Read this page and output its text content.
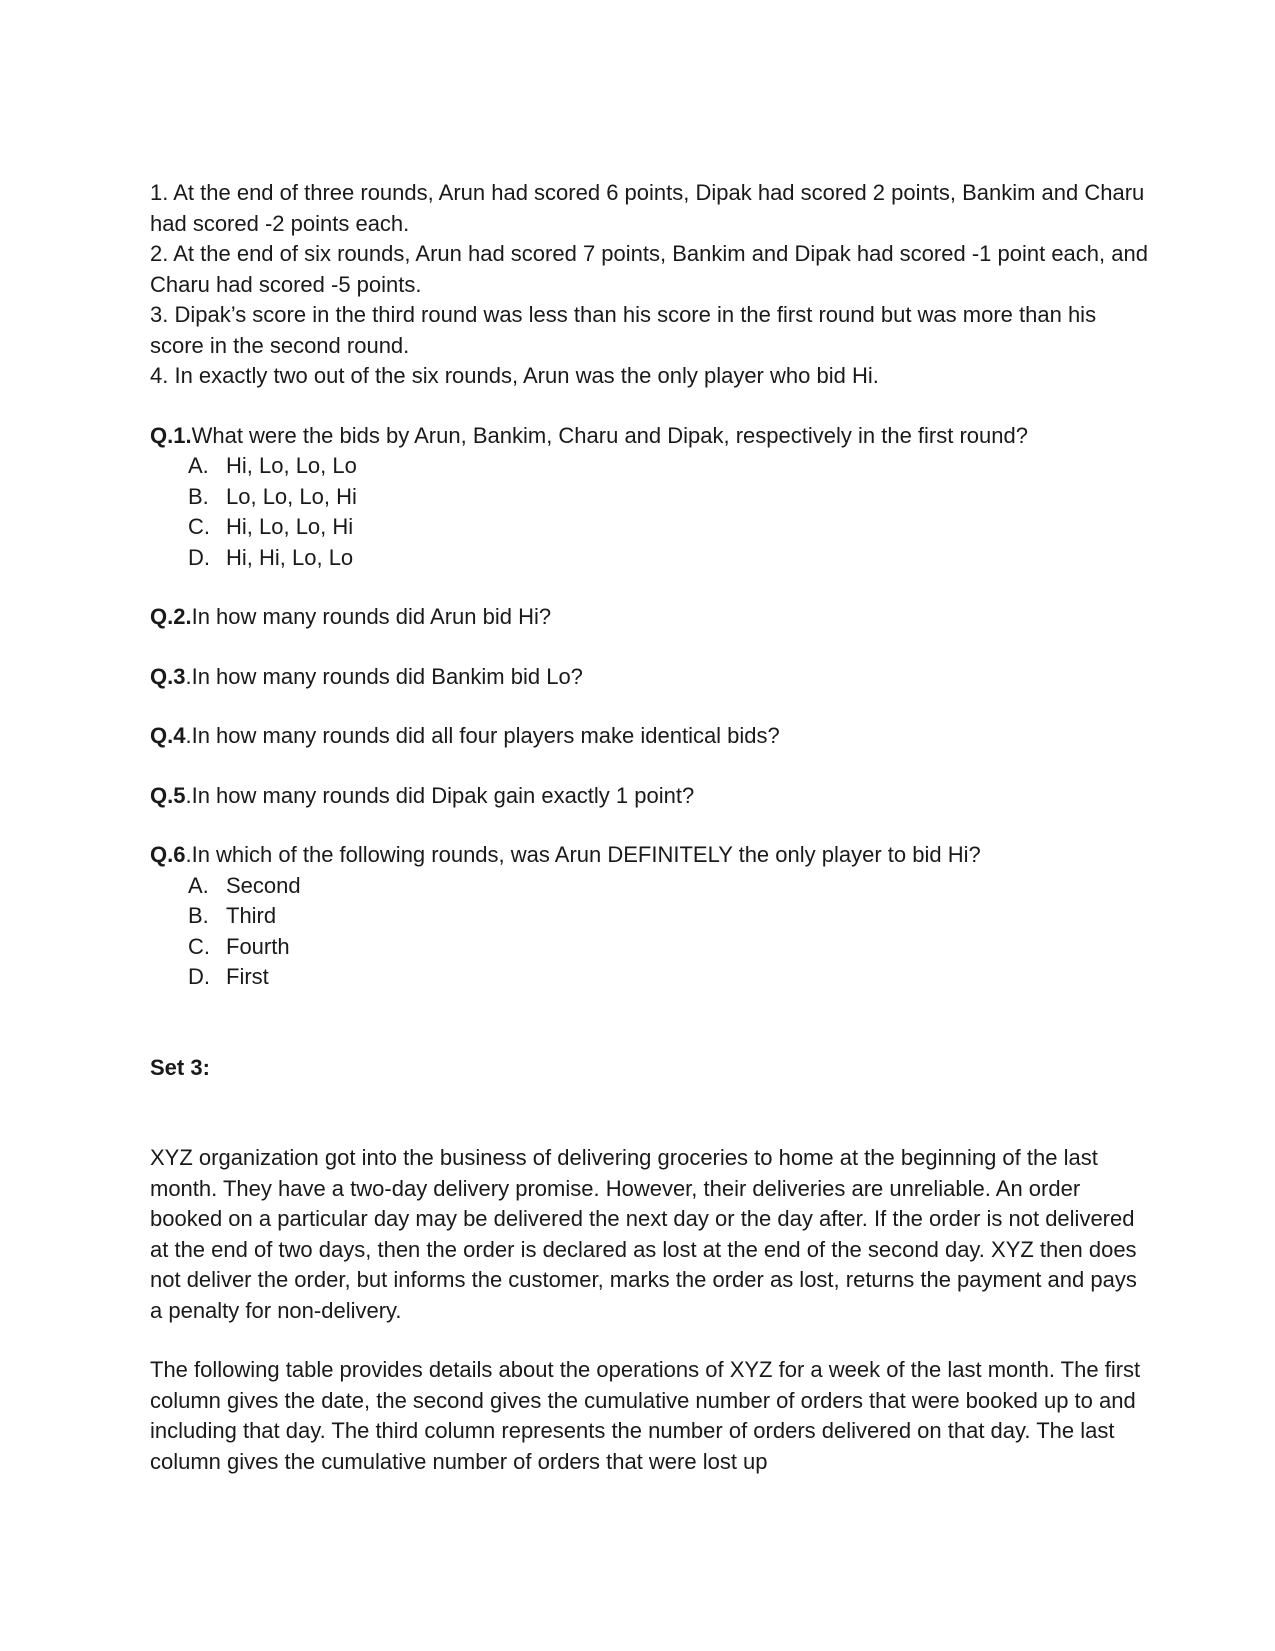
1. At the end of three rounds, Arun had scored 6 points, Dipak had scored 2 points, Bankim and Charu had scored -2 points each.

2. At the end of six rounds, Arun had scored 7 points, Bankim and Dipak had scored -1 point each, and Charu had scored -5 points.

3. Dipak’s score in the third round was less than his score in the first round but was more than his score in the second round.

4. In exactly two out of the six rounds, Arun was the only player who bid Hi.

Q.1.What were the bids by Arun, Bankim, Charu and Dipak, respectively in the first round?

A. Hi, Lo, Lo, Lo
B. Lo, Lo, Lo, Hi
C. Hi, Lo, Lo, Hi
D. Hi, Hi, Lo, Lo

Q.2.In how many rounds did Arun bid Hi?

Q.3.In how many rounds did Bankim bid Lo?

Q.4.In how many rounds did all four players make identical bids?

Q.5.In how many rounds did Dipak gain exactly 1 point?

Q.6.In which of the following rounds, was Arun DEFINITELY the only player to bid Hi?

A. Second
B. Third
C. Fourth
D. First

Set 3:

XYZ organization got into the business of delivering groceries to home at the beginning of the last month. They have a two-day delivery promise. However, their deliveries are unreliable. An order booked on a particular day may be delivered the next day or the day after. If the order is not delivered at the end of two days, then the order is declared as lost at the end of the second day. XYZ then does not deliver the order, but informs the customer, marks the order as lost, returns the payment and pays a penalty for non-delivery.

The following table provides details about the operations of XYZ for a week of the last month. The first column gives the date, the second gives the cumulative number of orders that were booked up to and including that day. The third column represents the number of orders delivered on that day. The last column gives the cumulative number of orders that were lost up
